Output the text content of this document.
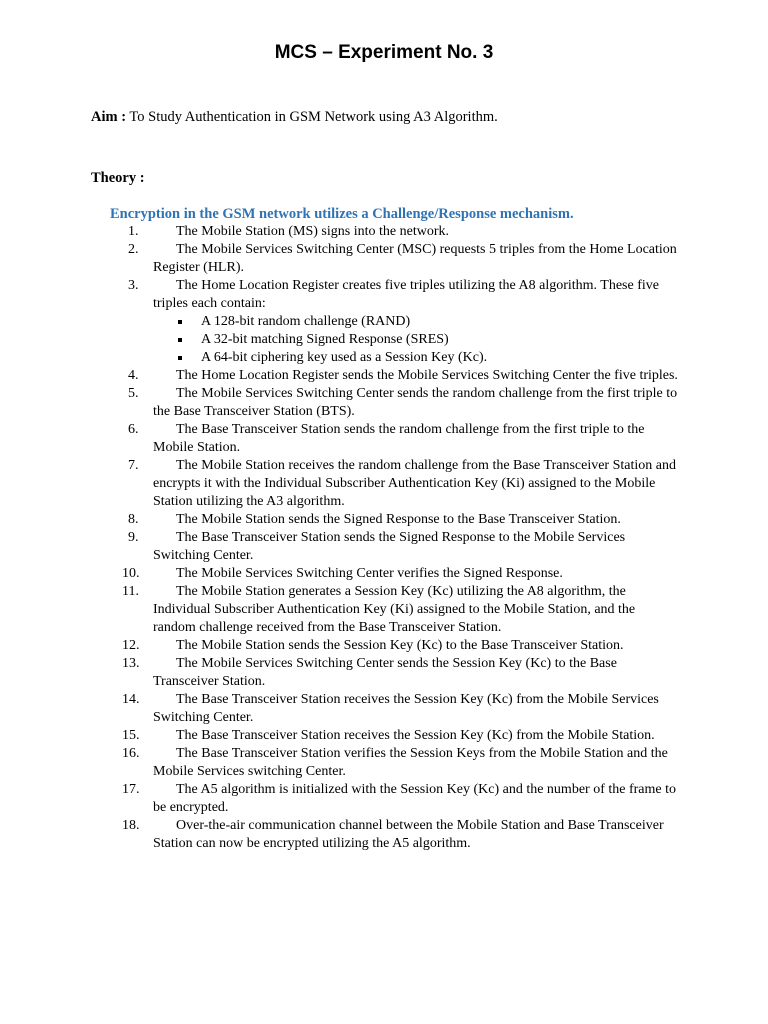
MCS – Experiment No. 3
Aim : To Study Authentication in GSM Network using A3 Algorithm.
Theory :
Encryption in the GSM network utilizes a Challenge/Response mechanism.
1.	The Mobile Station (MS) signs into the network.
2.	The Mobile Services Switching Center (MSC) requests 5 triples from the Home Location Register (HLR).
3.	The Home Location Register creates five triples utilizing the A8 algorithm. These five triples each contain:
A 128-bit random challenge (RAND)
A 32-bit matching Signed Response (SRES)
A 64-bit ciphering key used as a Session Key (Kc).
4.	The Home Location Register sends the Mobile Services Switching Center the five triples.
5.	The Mobile Services Switching Center sends the random challenge from the first triple to the Base Transceiver Station (BTS).
6.	The Base Transceiver Station sends the random challenge from the first triple to the Mobile Station.
7.	The Mobile Station receives the random challenge from the Base Transceiver Station and encrypts it with the Individual Subscriber Authentication Key (Ki) assigned to the Mobile Station utilizing the A3 algorithm.
8.	The Mobile Station sends the Signed Response to the Base Transceiver Station.
9.	The Base Transceiver Station sends the Signed Response to the Mobile Services Switching Center.
10.	The Mobile Services Switching Center verifies the Signed Response.
11.	The Mobile Station generates a Session Key (Kc) utilizing the A8 algorithm, the Individual Subscriber Authentication Key (Ki) assigned to the Mobile Station, and the random challenge received from the Base Transceiver Station.
12.	The Mobile Station sends the Session Key (Kc) to the Base Transceiver Station.
13.	The Mobile Services Switching Center sends the Session Key (Kc) to the Base Transceiver Station.
14.	The Base Transceiver Station receives the Session Key (Kc) from the Mobile Services Switching Center.
15.	The Base Transceiver Station receives the Session Key (Kc) from the Mobile Station.
16.	The Base Transceiver Station verifies the Session Keys from the Mobile Station and the Mobile Services switching Center.
17.	The A5 algorithm is initialized with the Session Key (Kc) and the number of the frame to be encrypted.
18.	Over-the-air communication channel between the Mobile Station and Base Transceiver Station can now be encrypted utilizing the A5 algorithm.
